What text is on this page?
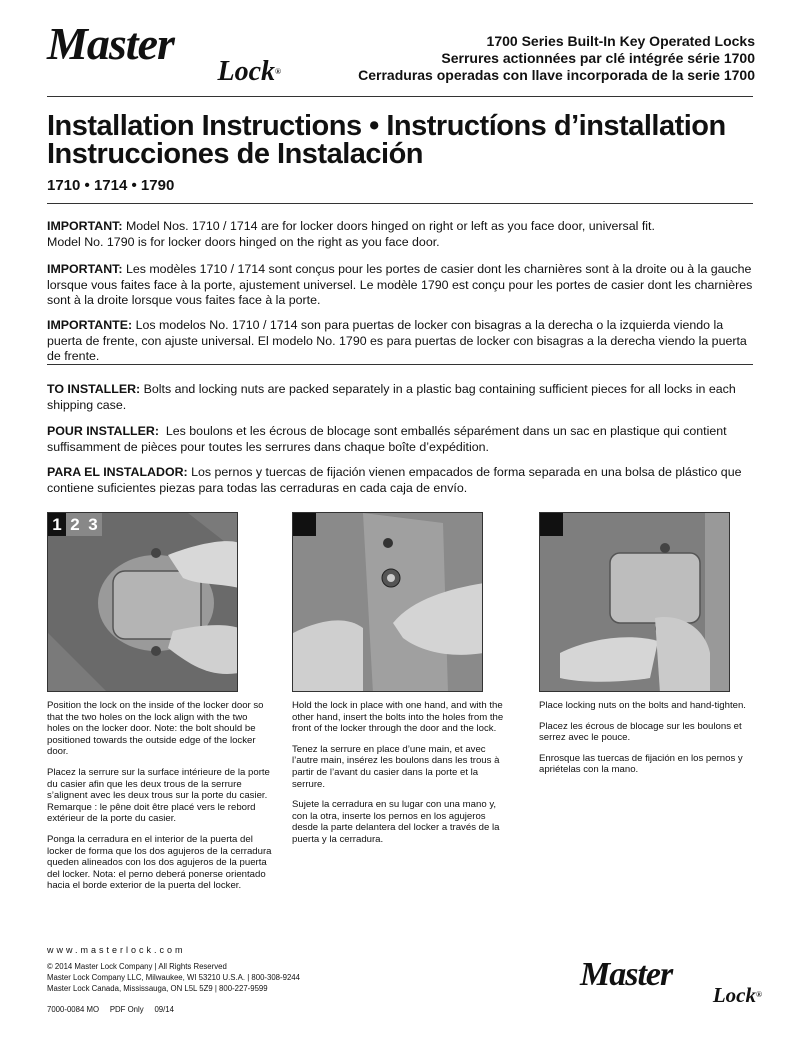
Master
Lock®
1700 Series Built-In Key Operated Locks
Serrures actionnées par clé intégrée série 1700
Cerraduras operadas con llave incorporada de la serie 1700
Installation Instructions • Instructíons d’installation
Instrucciones de Instalación
1710 • 1714 • 1790
IMPORTANT: Model Nos. 1710 / 1714 are for locker doors hinged on right or left as you face door, universal fit.
Model No. 1790 is for locker doors hinged on the right as you face door.
IMPORTANT: Les modèles 1710 / 1714 sont conçus pour les portes de casier dont les charnières sont à la droite ou à la gauche lorsque vous faites face à la porte, ajustement universel. Le modèle 1790 est conçu pour les portes de casier dont les charnières sont à la droite lorsque vous faites face à la porte.
IMPORTANTE: Los modelos No. 1710 / 1714 son para puertas de locker con bisagras a la derecha o la izquierda viendo la puerta de frente, con ajuste universal. El modelo No. 1790 es para puertas de locker con bisagras a la derecha viendo la puerta de frente.
TO INSTALLER: Bolts and locking nuts are packed separately in a plastic bag containing sufficient pieces for all locks in each shipping case.
POUR INSTALLER: Les boulons et les écrous de blocage sont emballés séparément dans un sac en plastique qui contient suffisamment de pièces pour toutes les serrures dans chaque boîte d’expédition.
PARA EL INSTALADOR: Los pernos y tuercas de fijación vienen empacados de forma separada en una bolsa de plástico que contiene suficientes piezas para todas las cerraduras en cada caja de envío.
1 2 3

Position the lock on the inside of the locker door so that the two holes on the lock align with the two holes on the locker door. Note: the bolt should be positioned towards the outside edge of the locker door.

Placez la serrure sur la surface intérieure de la porte du casier afin que les deux trous de la serrure s’alignent avec les deux trous sur la porte du casier. Remarque : le pêne doit être placé vers le rebord extérieur de la porte du casier.

Ponga la cerradura en el interior de la puerta del locker de forma que los dos agujeros de la cerradura queden alineados con los dos agujeros de la puerta del locker. Nota: el perno deberá ponerse orientado hacia el borde exterior de la puerta del locker.

Hold the lock in place with one hand, and with the other hand, insert the bolts into the holes from the front of the locker through the door and the lock.

Tenez la serrure en place d’une main, et avec l’autre main, insérez les boulons dans les trous à partir de l’avant du casier dans la porte et la serrure.

Sujete la cerradura en su lugar con una mano y, con la otra, inserte los pernos en los agujeros desde la parte delantera del locker a través de la puerta y la cerradura.

Place locking nuts on the bolts and hand-tighten.

Placez les écrous de blocage sur les boulons et serrez avec le pouce.

Enrosque las tuercas de fijación en los pernos y apriételas con la mano.

www.masterlock.com
© 2014 Master Lock Company | All Rights Reserved
Master Lock Company LLC, Milwaukee, WI 53210 U.S.A. | 800-308-9244
Master Lock Canada, Mississauga, ON L5L 5Z9 | 800-227-9599
7000-0084 MO     PDF Only     09/14
Master
Lock®
